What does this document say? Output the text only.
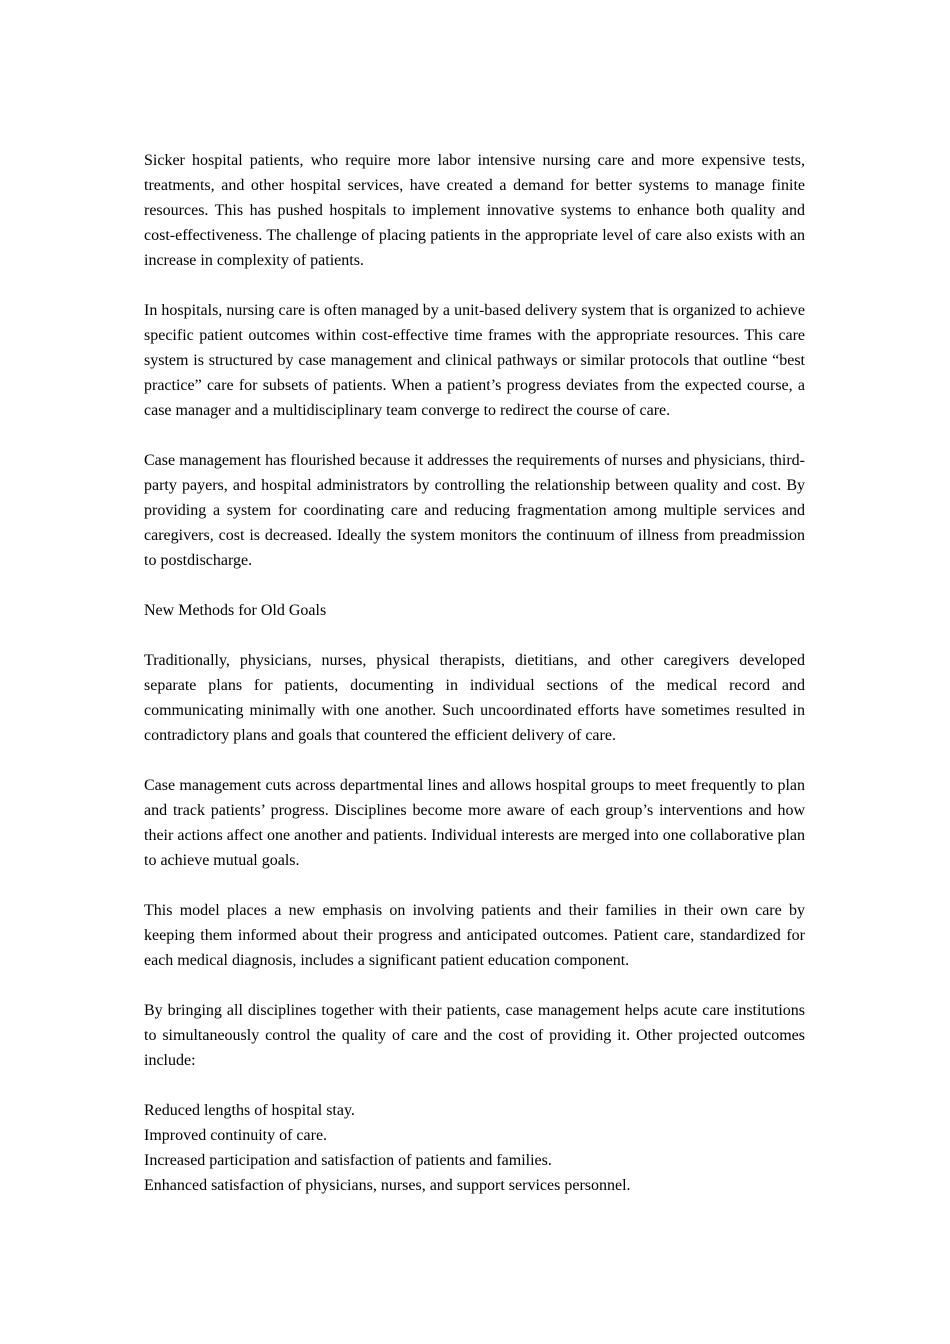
Sicker hospital patients, who require more labor intensive nursing care and more expensive tests, treatments, and other hospital services, have created a demand for better systems to manage finite resources. This has pushed hospitals to implement innovative systems to enhance both quality and cost-effectiveness. The challenge of placing patients in the appropriate level of care also exists with an increase in complexity of patients.

In hospitals, nursing care is often managed by a unit-based delivery system that is organized to achieve specific patient outcomes within cost-effective time frames with the appropriate resources. This care system is structured by case management and clinical pathways or similar protocols that outline “best practice” care for subsets of patients. When a patient’s progress deviates from the expected course, a case manager and a multidisciplinary team converge to redirect the course of care.

Case management has flourished because it addresses the requirements of nurses and physicians, third-party payers, and hospital administrators by controlling the relationship between quality and cost. By providing a system for coordinating care and reducing fragmentation among multiple services and caregivers, cost is decreased. Ideally the system monitors the continuum of illness from preadmission to postdischarge.

New Methods for Old Goals

Traditionally, physicians, nurses, physical therapists, dietitians, and other caregivers developed separate plans for patients, documenting in individual sections of the medical record and communicating minimally with one another. Such uncoordinated efforts have sometimes resulted in contradictory plans and goals that countered the efficient delivery of care.

Case management cuts across departmental lines and allows hospital groups to meet frequently to plan and track patients’ progress. Disciplines become more aware of each group’s interventions and how their actions affect one another and patients. Individual interests are merged into one collaborative plan to achieve mutual goals.

This model places a new emphasis on involving patients and their families in their own care by keeping them informed about their progress and anticipated outcomes. Patient care, standardized for each medical diagnosis, includes a significant patient education component.

By bringing all disciplines together with their patients, case management helps acute care institutions to simultaneously control the quality of care and the cost of providing it. Other projected outcomes include:

Reduced lengths of hospital stay.
Improved continuity of care.
Increased participation and satisfaction of patients and families.
Enhanced satisfaction of physicians, nurses, and support services personnel.
